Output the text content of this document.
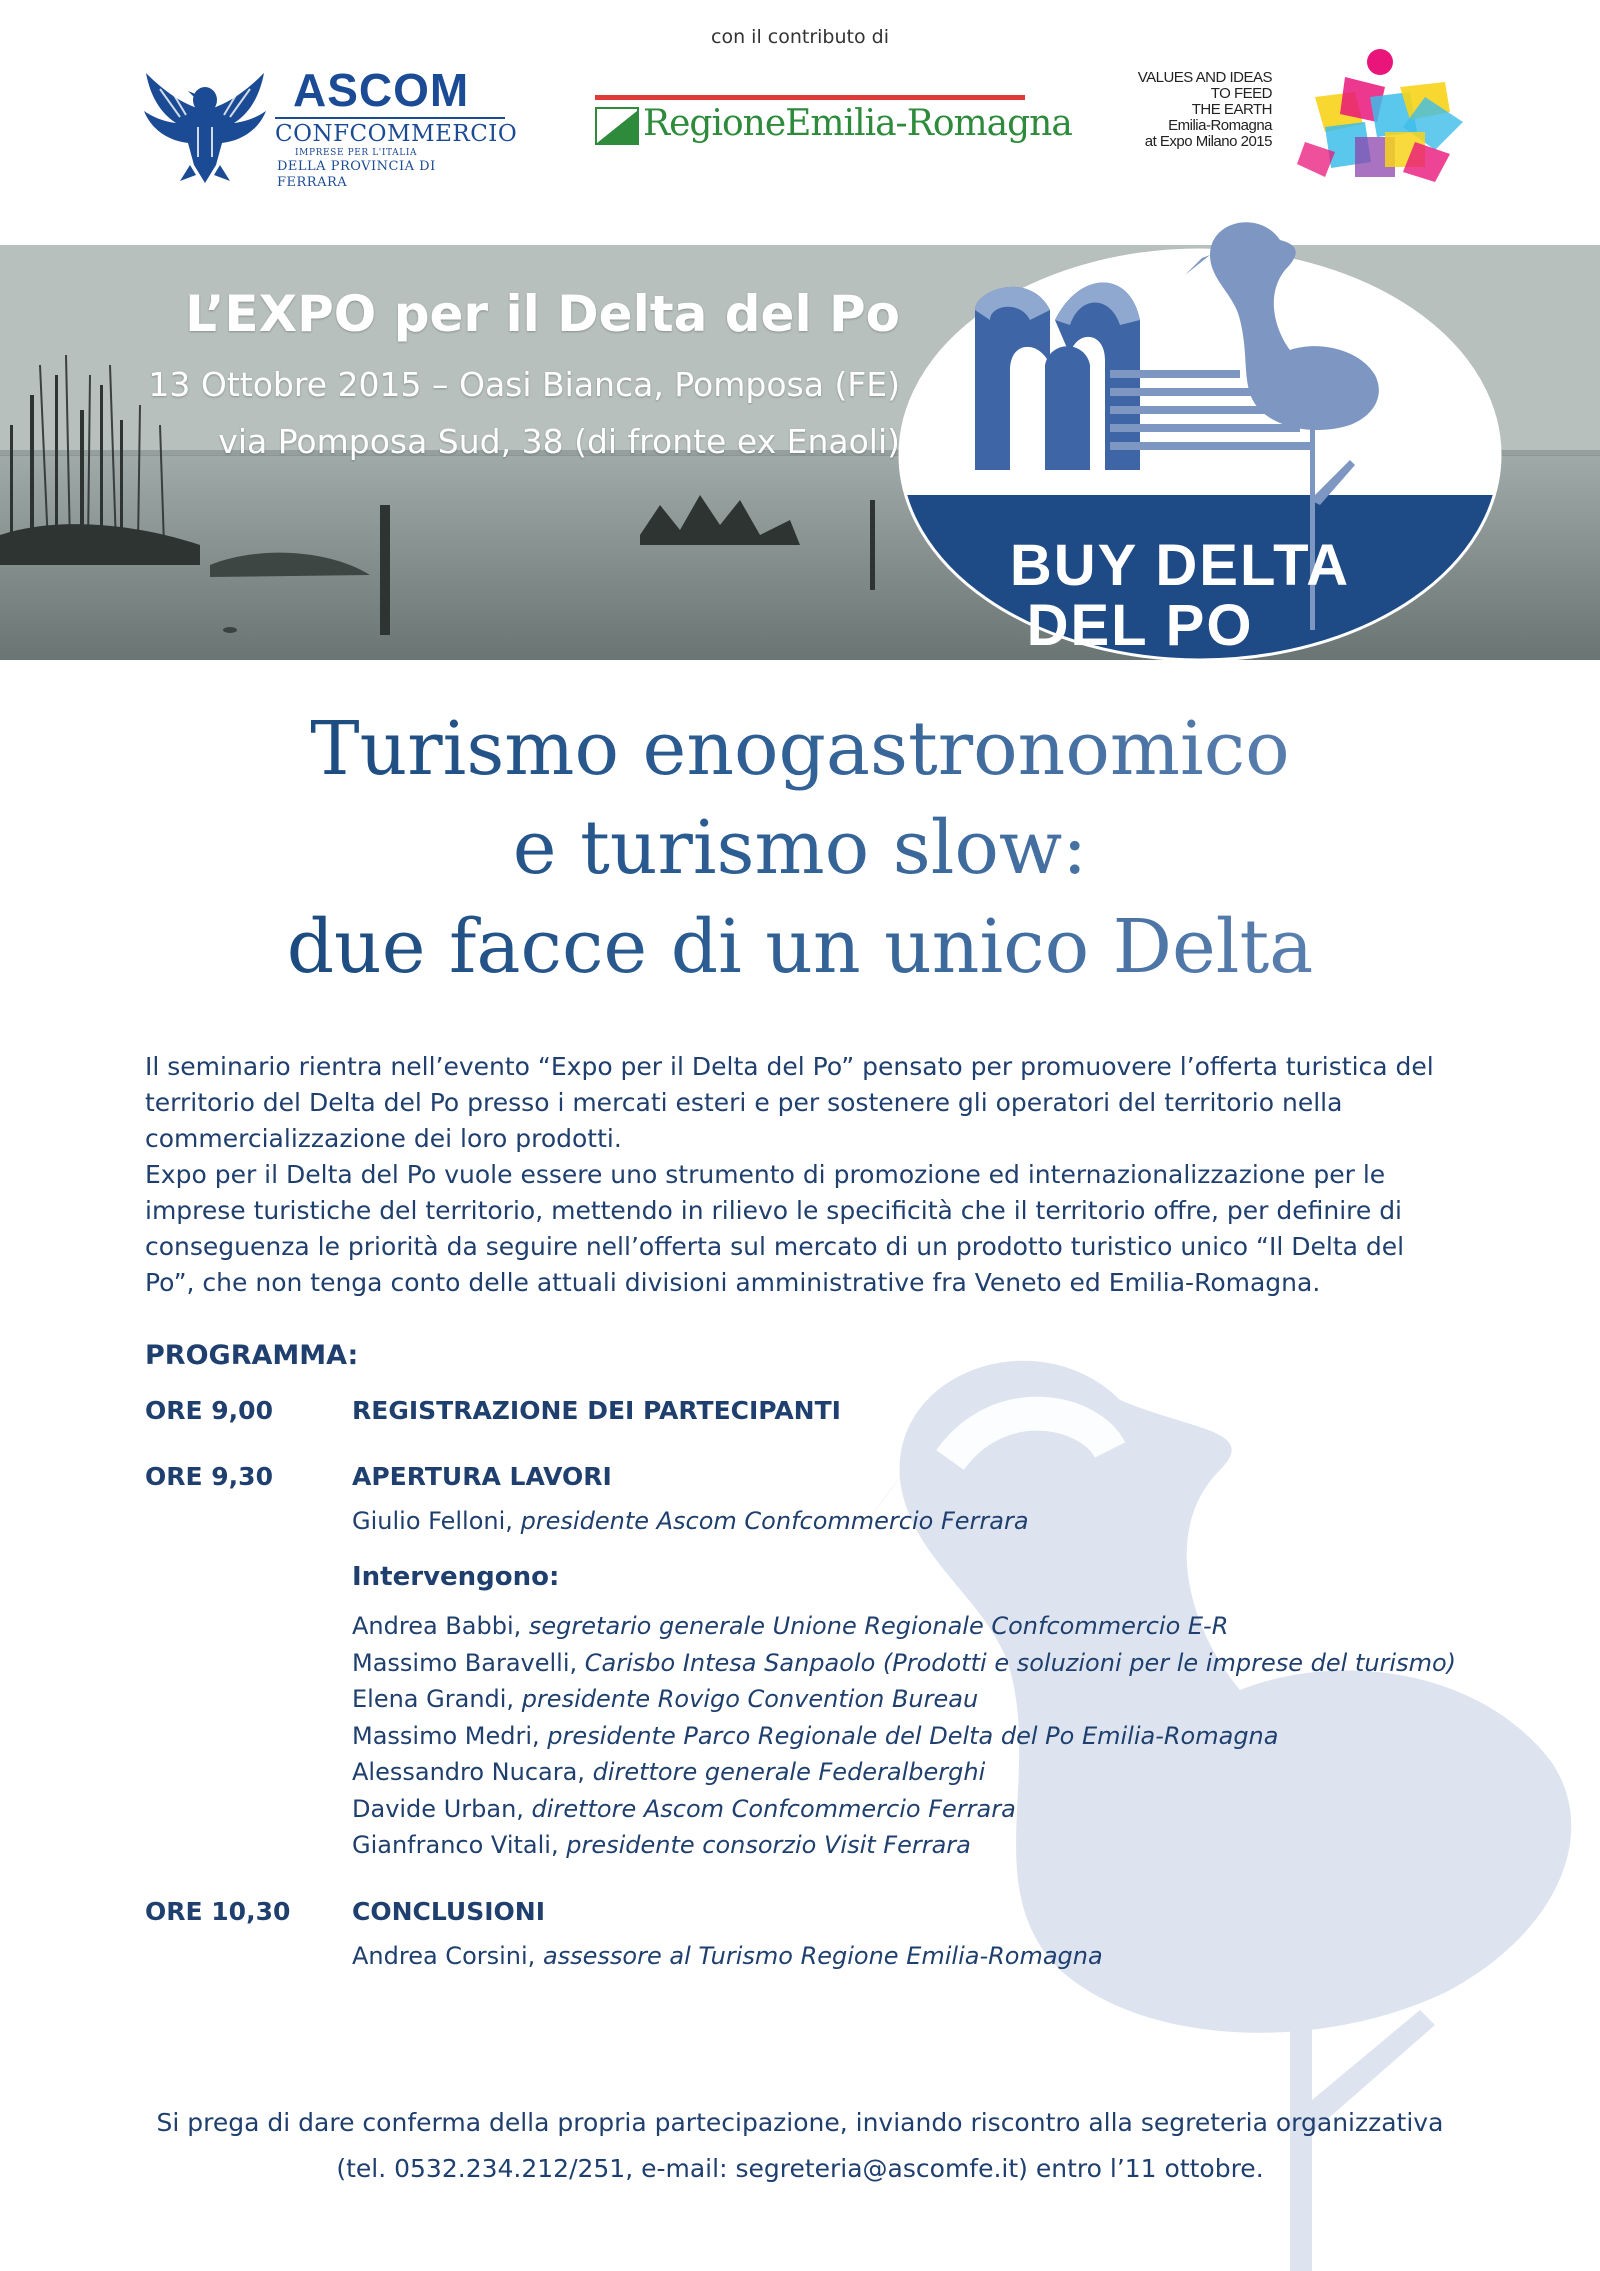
con il contributo di
ASCOM
CONFCOMMERCIO
IMPRESE PER L'ITALIA
DELLA PROVINCIA DI FERRARA
RegioneEmilia-Romagna
VALUES AND IDEAS
TO FEED
THE EARTH
Emilia-Romagna
at Expo Milano 2015
L’EXPO per il Delta del Po
13 Ottobre 2015 – Oasi Bianca, Pomposa (FE)
via Pomposa Sud, 38 (di fronte ex Enaoli)
BUY DELTA
DEL PO
Turismo enogastronomico
e turismo slow:
due facce di un unico Delta

Il seminario rientra nell’evento “Expo per il Delta del Po” pensato per promuovere l’offerta turistica del territorio del Delta del Po presso i mercati esteri e per sostenere gli operatori del territorio nella commercializzazione dei loro prodotti.

Expo per il Delta del Po vuole essere uno strumento di promozione ed internazionalizzazione per le imprese turistiche del territorio, mettendo in rilievo le specificità che il territorio offre, per definire di conseguenza le priorità da seguire nell’offerta sul mercato di un prodotto turistico unico “Il Delta del Po”, che non tenga conto delle attuali divisioni amministrative fra Veneto ed Emilia-Romagna.

PROGRAMMA:
ORE 9,00	REGISTRAZIONE DEI PARTECIPANTI
ORE 9,30	APERTURA LAVORI
Giulio Felloni, presidente Ascom Confcommercio Ferrara
Intervengono:
Andrea Babbi, segretario generale Unione Regionale Confcommercio E-R
Massimo Baravelli, Carisbo Intesa Sanpaolo (Prodotti e soluzioni per le imprese del turismo)
Elena Grandi, presidente Rovigo Convention Bureau
Massimo Medri, presidente Parco Regionale del Delta del Po Emilia-Romagna
Alessandro Nucara, direttore generale Federalberghi
Davide Urban, direttore Ascom Confcommercio Ferrara
Gianfranco Vitali, presidente consorzio Visit Ferrara
ORE 10,30 CONCLUSIONI
Andrea Corsini, assessore al Turismo Regione Emilia-Romagna
Si prega di dare conferma della propria partecipazione, inviando riscontro alla segreteria organizzativa
(tel. 0532.234.212/251, e-mail: segreteria@ascomfe.it) entro l’11 ottobre.
